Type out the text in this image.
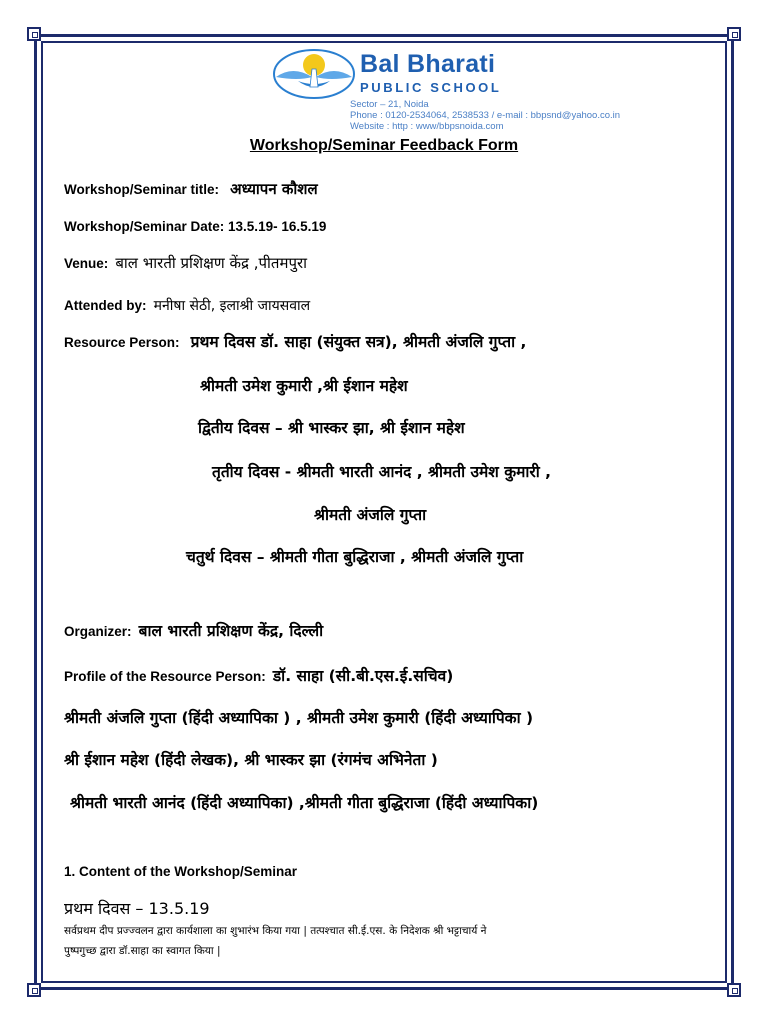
Bal Bharati
PUBLIC SCHOOL
Sector – 21, Noida
Phone : 0120-2534064, 2538533 / e-mail : bbpsnd@yahoo.co.in
Website : http : www/bbpsnoida.com
Workshop/Seminar Feedback Form
Workshop/Seminar title: अध्यापन कौशल
Workshop/Seminar Date: 13.5.19- 16.5.19
Venue: बाल भारती प्रशिक्षण केंद्र ,पीतमपुरा
Attended by: मनीषा सेठी, इलाश्री जायसवाल
Resource Person: प्रथम दिवस डॉ. साहा (संयुक्त सत्र), श्रीमती अंजलि गुप्ता ,
श्रीमती उमेश कुमारी ,श्री ईशान महेश
द्वितीय दिवस – श्री भास्कर झा, श्री ईशान महेश
तृतीय दिवस - श्रीमती भारती आनंद , श्रीमती उमेश कुमारी ,
श्रीमती अंजलि गुप्ता
चतुर्थ दिवस – श्रीमती गीता बुद्धिराजा , श्रीमती अंजलि गुप्ता
Organizer: बाल भारती प्रशिक्षण केंद्र, दिल्ली
Profile of the Resource Person: डॉ. साहा (सी.बी.एस.ई.सचिव)
श्रीमती अंजलि गुप्ता (हिंदी अध्यापिका ) , श्रीमती उमेश कुमारी (हिंदी अध्यापिका )
श्री ईशान महेश (हिंदी लेखक), श्री भास्कर झा (रंगमंच अभिनेता )
श्रीमती भारती आनंद (हिंदी अध्यापिका) ,श्रीमती गीता बुद्धिराजा (हिंदी अध्यापिका)
1. Content of the Workshop/Seminar
प्रथम दिवस – 13.5.19
सर्वप्रथम दीप प्रज्ज्वलन द्वारा कार्यशाला का शुभारंभ किया गया | तत्पश्चात सी.ई.एस. के निदेशक श्री भट्टाचार्य ने
पुष्पगुच्छ द्वारा डॉ.साहा का स्वागत किया |
